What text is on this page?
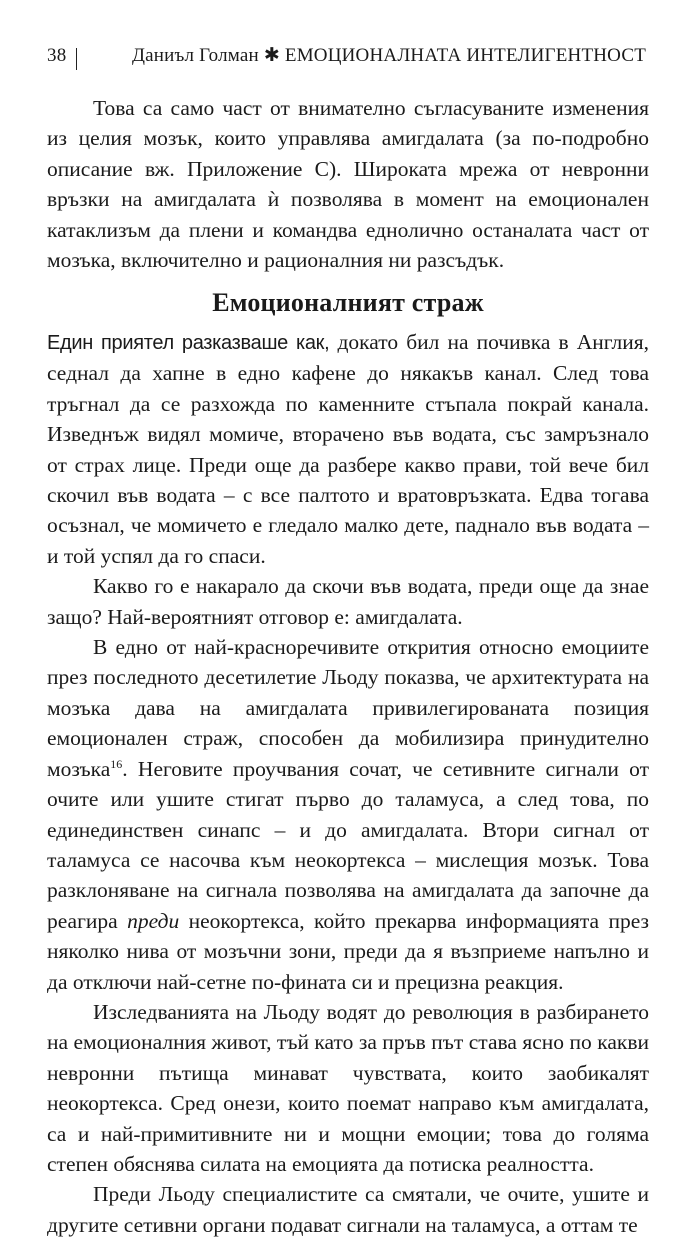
38	Даниъл Голман ✱ ЕМОЦИОНАЛНАТА ИНТЕЛИГЕНТНОСТ

Това са само част от внимателно съгласуваните изменения из целия мозък, които управлява амигдалата (за по-подробно описание вж. Приложение С). Широката мрежа от невронни връзки на амигдалата ѝ позволява в момент на емоционален катаклизъм да плени и командва еднолично останалата част от мозъка, включително и рационалния ни разсъдък.

Емоционалният страж

Един приятел разказваше как, докато бил на почивка в Англия, седнал да хапне в едно кафене до някакъв канал. След това тръгнал да се разхожда по каменните стъпала покрай канала. Изведнъж видял момиче, вторачено във водата, със замръзнало от страх лице. Преди още да разбере какво прави, той вече бил скочил във водата – с все палтото и вратовръзката. Едва тогава осъзнал, че момичето е гледало малко дете, паднало във водата – и той успял да го спаси.

Какво го е накарало да скочи във водата, преди още да знае защо? Най-вероятният отговор е: амигдалата.

В едно от най-красноречивите открития относно емоциите през последното десетилетие Льоду показва, че архитектурата на мозъка дава на амигдалата привилегированата позиция емоционален страж, способен да мобилизира принудително мозъка$^{16}$. Неговите проучвания сочат, че сетивните сигнали от очите или ушите стигат първо до таламуса, а след това, по единединствен синапс – и до амигдалата. Втори сигнал от таламуса се насочва към неокортекса – мислещия мозък. Това разклоняване на сигнала позволява на амигдалата да започне да реагира преди неокортекса, който прекарва информацията през няколко нива от мозъчни зони, преди да я възприеме напълно и да отключи най-сетне по-фината си и прецизна реакция.

Изследванията на Льоду водят до революция в разбирането на емоционалния живот, тъй като за пръв път става ясно по какви невронни пътища минават чувствата, които заобикалят неокортекса. Сред онези, които поемат направо към амигдалата, са и най-примитивните ни и мощни емоции; това до голяма степен обяснява силата на емоцията да потиска реалността.

Преди Льоду специалистите са смятали, че очите, ушите и другите сетивни органи подават сигнали на таламуса, а оттам те
